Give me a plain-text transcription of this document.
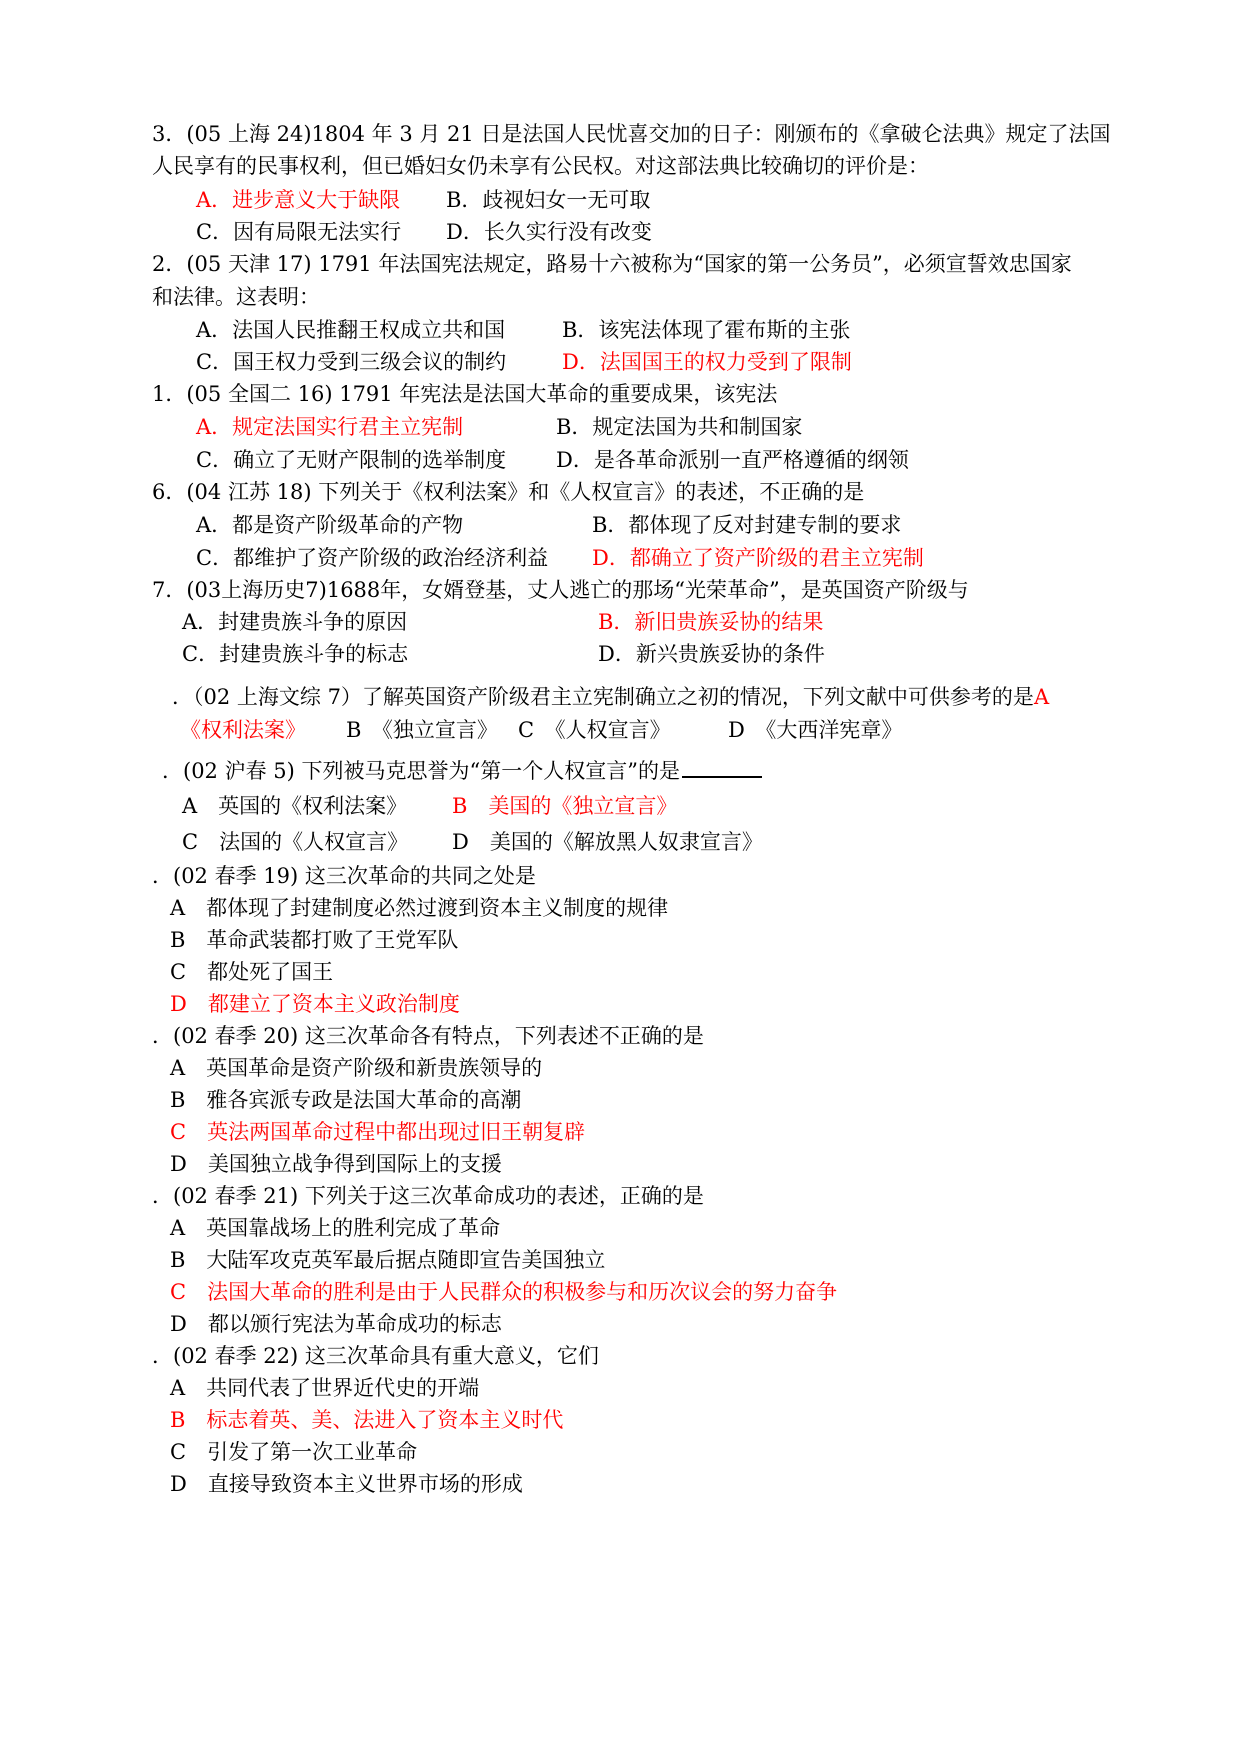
3．(05 上海 24)1804 年 3 月 21 日是法国人民忧喜交加的日子：刚颁布的《拿破仑法典》规定了法国
人民享有的民事权利，但已婚妇女仍未享有公民权。对这部法典比较确切的评价是：
A．进步意义大于缺限 B．歧视妇女一无可取
C．因有局限无法实行 D．长久实行没有改变
2．(05 天津 17) 1791 年法国宪法规定，路易十六被称为“国家的第一公务员”，必须宣誓效忠国家
和法律。这表明：
A．法国人民推翻王权成立共和国	B．该宪法体现了霍布斯的主张
C．国王权力受到三级会议的制约	D．法国国王的权力受到了限制
1．(05 全国二 16) 1791 年宪法是法国大革命的重要成果，该宪法
A．规定法国实行君主立宪制	B．规定法国为共和制国家
C．确立了无财产限制的选举制度 D．是各革命派别一直严格遵循的纲领
6．(04 江苏 18) 下列关于《权利法案》和《人权宣言》的表述，不正确的是
A．都是资产阶级革命的产物	B．都体现了反对封建专制的要求
C．都维护了资产阶级的政治经济利益 D．都确立了资产阶级的君主立宪制
7．(03上海历史7)1688年，女婿登基，丈人逃亡的那场“光荣革命”，是英国资产阶级与
A．封建贵族斗争的原因	B．新旧贵族妥协的结果
C．封建贵族斗争的标志	D．新兴贵族妥协的条件
．（02 上海文综 7）了解英国资产阶级君主立宪制确立之初的情况，下列文献中可供参考的是A
《权利法案》 B　《独立宣言》 C　《人权宣言》	D　《大西洋宪章》
．(02 沪春 5) 下列被马克思誉为“第一个人权宣言”的是
A　英国的《权利法案》 B　美国的《独立宣言》
C　法国的《人权宣言》 D　美国的《解放黑人奴隶宣言》
．(02 春季 19) 这三次革命的共同之处是
A　都体现了封建制度必然过渡到资本主义制度的规律
B　革命武装都打败了王党军队
C　都处死了国王
D　都建立了资本主义政治制度
．(02 春季 20) 这三次革命各有特点，下列表述不正确的是
A　英国革命是资产阶级和新贵族领导的
B　雅各宾派专政是法国大革命的高潮
C　英法两国革命过程中都出现过旧王朝复辟
D　美国独立战争得到国际上的支援
．(02 春季 21) 下列关于这三次革命成功的表述，正确的是
A　英国靠战场上的胜利完成了革命
B　大陆军攻克英军最后据点随即宣告美国独立
C　法国大革命的胜利是由于人民群众的积极参与和历次议会的努力奋争
D　都以颁行宪法为革命成功的标志
．(02 春季 22) 这三次革命具有重大意义，它们
A　共同代表了世界近代史的开端
B　标志着英、美、法进入了资本主义时代
C　引发了第一次工业革命
D　直接导致资本主义世界市场的形成
